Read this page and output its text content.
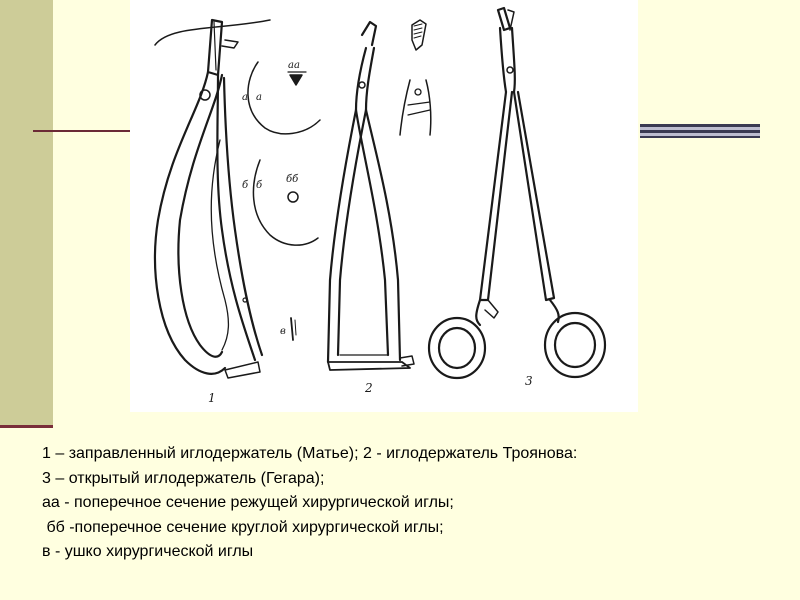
1
2	3
аа
а а
бб
б б
в
1 – заправленный иглодержатель (Матье); 2 - иглодержатель Троянова:
3 – открытый иглодержатель (Гегара);
аа - поперечное сечение режущей хирургической иглы;
бб -поперечное сечение круглой хирургической иглы;
в - ушко хирургической иглы
